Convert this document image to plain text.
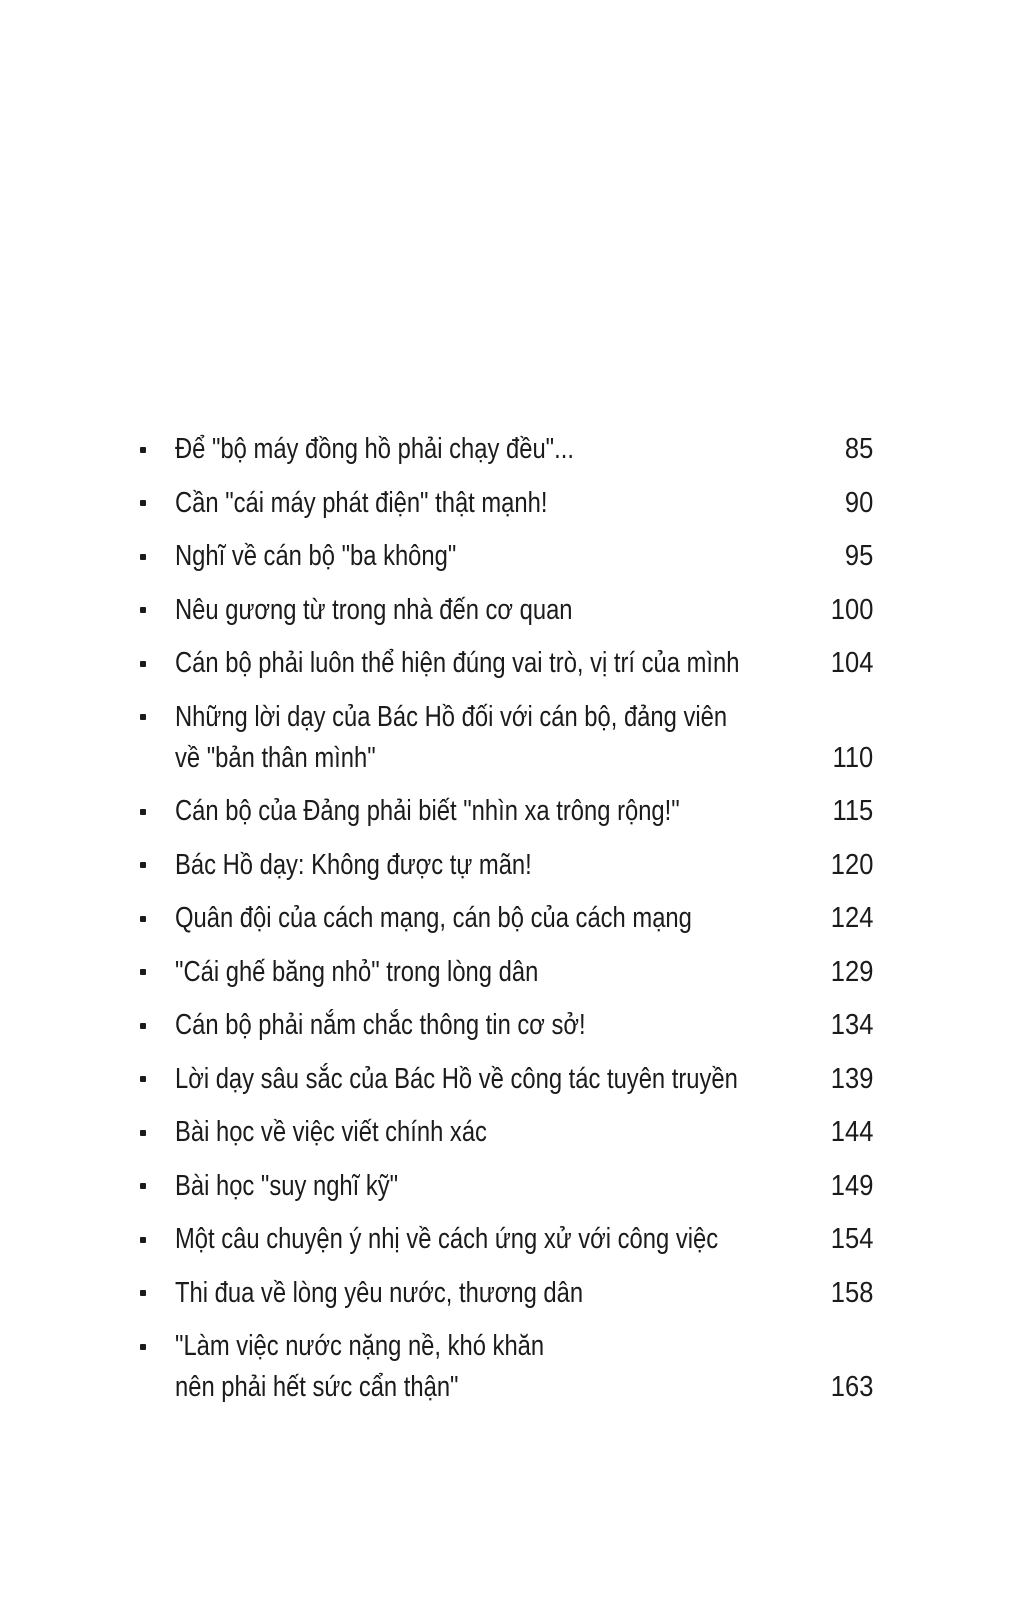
Để "bộ máy đồng hồ phải chạy đều"...	85
Cần "cái máy phát điện" thật mạnh!	90
Nghĩ về cán bộ "ba không"	95
Nêu gương từ trong nhà đến cơ quan	100
Cán bộ phải luôn thể hiện đúng vai trò, vị trí của mình	104
Những lời dạy của Bác Hồ đối với cán bộ, đảng viên
về "bản thân mình"	110
Cán bộ của Đảng phải biết "nhìn xa trông rộng!"	115
Bác Hồ dạy: Không được tự mãn!	120
Quân đội của cách mạng, cán bộ của cách mạng	124
"Cái ghế băng nhỏ" trong lòng dân	129
Cán bộ phải nắm chắc thông tin cơ sở!	134
Lời dạy sâu sắc của Bác Hồ về công tác tuyên truyền	139
Bài học về việc viết chính xác	144
Bài học "suy nghĩ kỹ"	149
Một câu chuyện ý nhị về cách ứng xử với công việc	154
Thi đua về lòng yêu nước, thương dân	158
"Làm việc nước nặng nề, khó khăn
nên phải hết sức cẩn thận"	163
